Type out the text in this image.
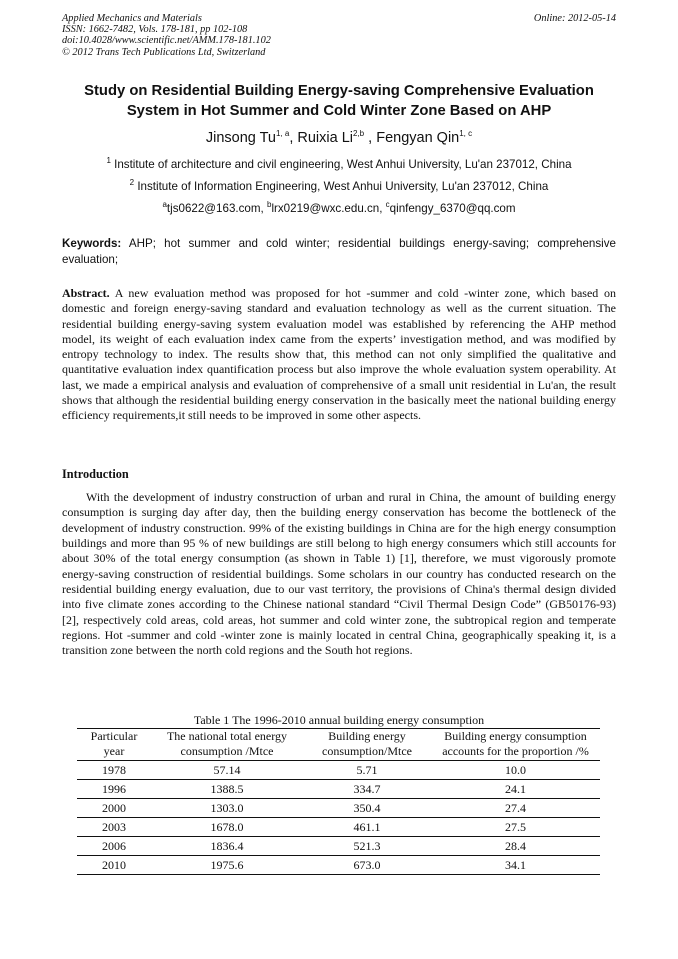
Applied Mechanics and Materials
ISSN: 1662-7482, Vols. 178-181, pp 102-108
doi:10.4028/www.scientific.net/AMM.178-181.102
© 2012 Trans Tech Publications Ltd, Switzerland
Online: 2012-05-14
Study on Residential Building Energy-saving Comprehensive Evaluation
System in Hot Summer and Cold Winter Zone Based on AHP
Jinsong Tu$^{1, a}$, Ruixia Li$^{2,b}$ , Fengyan Qin$^{1, c}$
$^1$ Institute of architecture and civil engineering, West Anhui University, Lu'an 237012, China
$^2$ Institute of Information Engineering, West Anhui University, Lu'an 237012, China
$^a$tjs0622@163.com, $^b$lrx0219@wxc.edu.cn, $^c$qinfengy_6370@qq.com
Keywords: AHP; hot summer and cold winter; residential buildings energy-saving; comprehensive evaluation;
Abstract. A new evaluation method was proposed for hot -summer and cold -winter zone, which based on domestic and foreign energy-saving standard and evaluation technology as well as the current situation. The residential building energy-saving system evaluation model was established by referencing the AHP method model, its weight of each evaluation index came from the experts’ investigation method, and was modified by entropy technology to index. The results show that, this method can not only simplified the qualitative and quantitative evaluation index quantification process but also improve the whole evaluation system operability. At last, we made a empirical analysis and evaluation of comprehensive of a small unit residential in Lu'an, the result shows that although the residential building energy conservation in the basically meet the national building energy efficiency requirements,it still needs to be improved in some other aspects.
Introduction
With the development of industry construction of urban and rural in China, the amount of building energy consumption is surging day after day, then the building energy conservation has become the bottleneck of the development of industry construction. 99% of the existing buildings in China are for the high energy consumption buildings and more than 95 % of new buildings are still belong to high energy consumers which still accounts for about 30% of the total energy consumption (as shown in Table 1) [1], therefore, we must vigorously promote energy-saving construction of residential buildings. Some scholars in our country has conducted research on the residential building energy evaluation, due to our vast territory, the provisions of China's thermal design divided into five climate zones according to the Chinese national standard “Civil Thermal Design Code” (GB50176-93) [2], respectively cold areas, cold areas, hot summer and cold winter zone, the subtropical region and temperate regions. Hot -summer and cold -winter zone is mainly located in central China, geographically speaking it, is a transition zone between the north cold regions and the South hot regions.
Table 1 The 1996-2010 annual building energy consumption
Particular year	The national total energy consumption /Mtce	Building energy consumption/Mtce	Building energy consumption accounts for the proportion /%
1978	57.14	5.71	10.0
1996	1388.5	334.7	24.1
2000	1303.0	350.4	27.4
2003	1678.0	461.1	27.5
2006	1836.4	521.3	28.4
2010	1975.6	673.0	34.1
